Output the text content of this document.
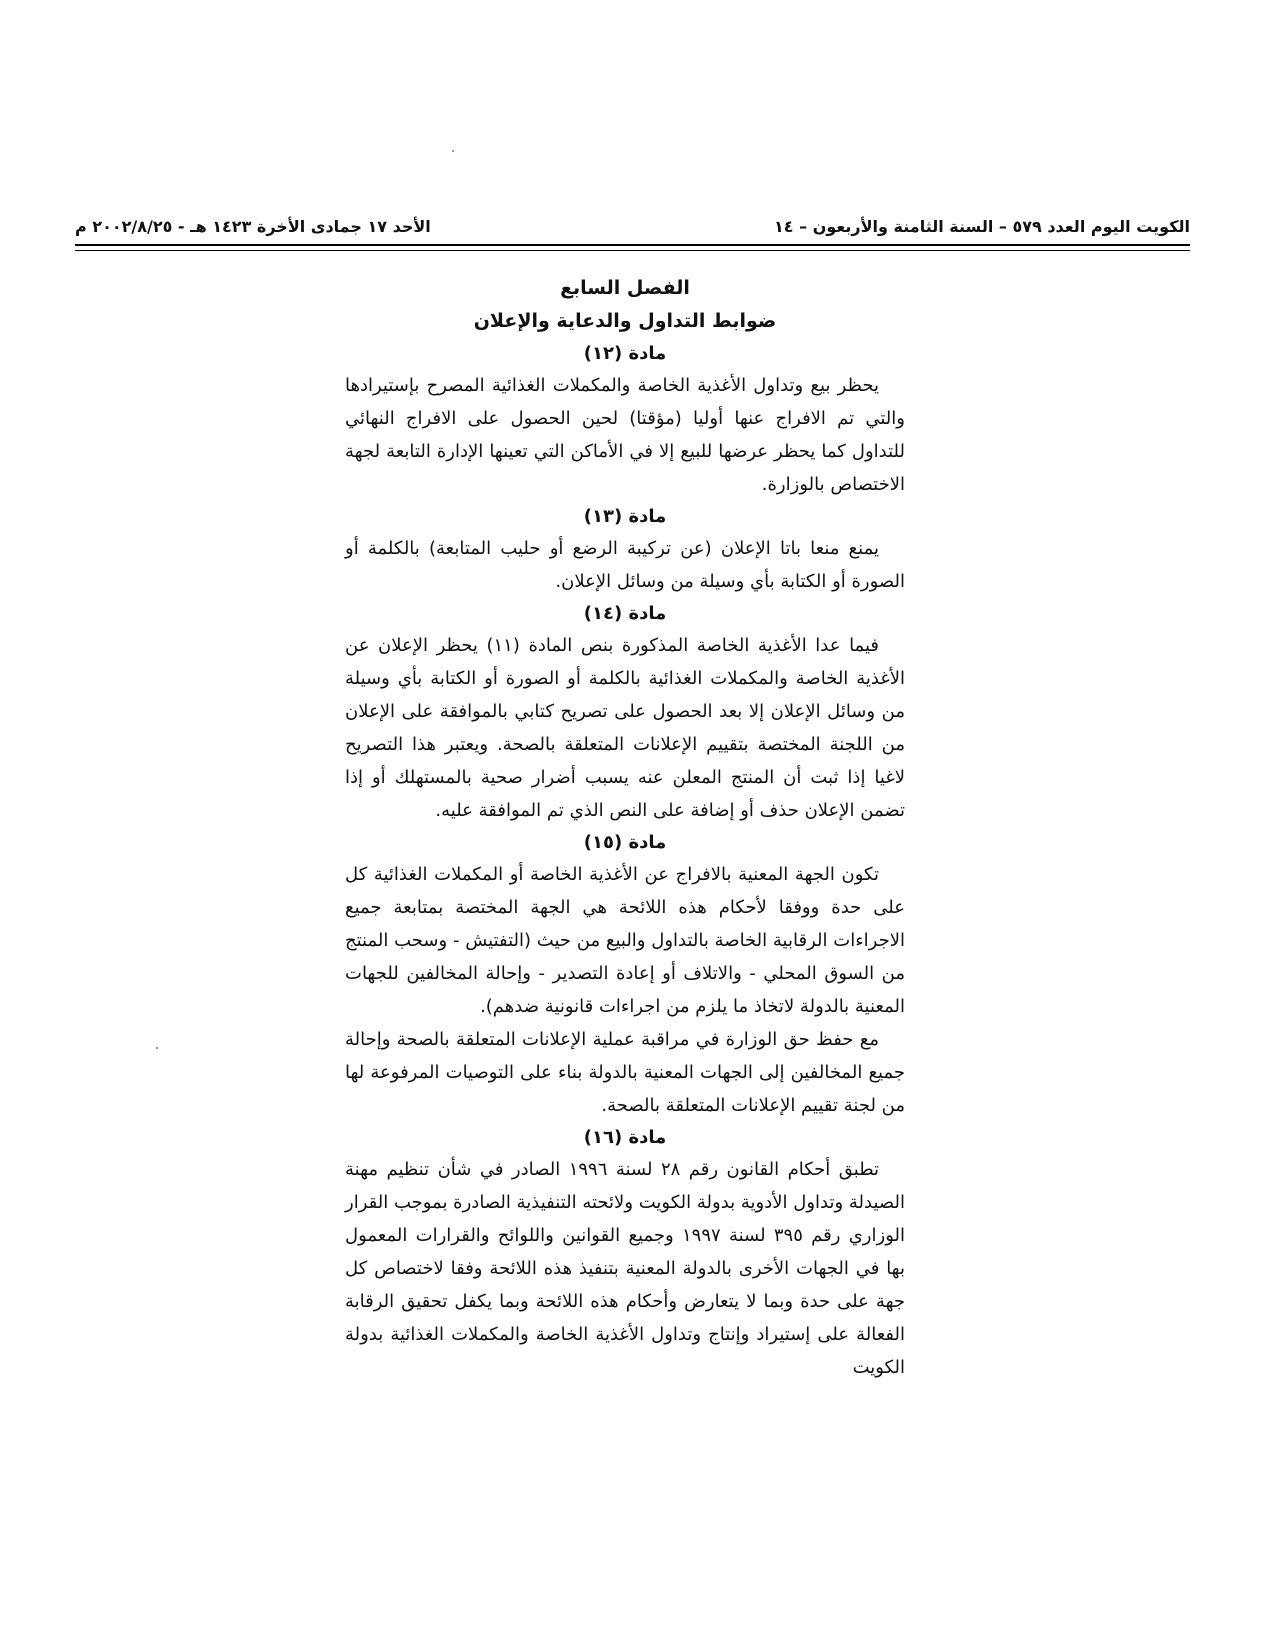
الكويت اليوم العدد ٥٧٩ – السنة الثامنة والأربعون – ١٤
الأحد ١٧ جمادى الأخرة ١٤٢٣ هـ - ٢٠٠٢/٨/٢٥ م
الفصل السابع
ضوابط التداول والدعاية والإعلان
مادة (١٢)

يحظر بيع وتداول الأغذية الخاصة والمكملات الغذائية المصرح بإستيرادها والتي تم الافراج عنها أوليا (مؤقتا) لحين الحصول على الافراج النهائي للتداول كما يحظر عرضها للبيع إلا في الأماكن التي تعينها الإدارة التابعة لجهة الاختصاص بالوزارة.

مادة (١٣)

يمنع منعا باتا الإعلان (عن تركيبة الرضع أو حليب المتابعة) بالكلمة أو الصورة أو الكتابة بأي وسيلة من وسائل الإعلان.

مادة (١٤)

فيما عدا الأغذية الخاصة المذكورة بنص المادة (١١) يحظر الإعلان عن الأغذية الخاصة والمكملات الغذائية بالكلمة أو الصورة أو الكتابة بأي وسيلة من وسائل الإعلان إلا بعد الحصول على تصريح كتابي بالموافقة على الإعلان من اللجنة المختصة بتقييم الإعلانات المتعلقة بالصحة. ويعتبر هذا التصريح لاغيا إذا ثبت أن المنتج المعلن عنه يسبب أضرار صحية بالمستهلك أو إذا تضمن الإعلان حذف أو إضافة على النص الذي تم الموافقة عليه.

مادة (١٥)

تكون الجهة المعنية بالافراج عن الأغذية الخاصة أو المكملات الغذائية كل على حدة ووفقا لأحكام هذه اللائحة هي الجهة المختصة بمتابعة جميع الاجراءات الرقابية الخاصة بالتداول والبيع من حيث (التفتيش - وسحب المنتج من السوق المحلي - والاتلاف أو إعادة التصدير - وإحالة المخالفين للجهات المعنية بالدولة لاتخاذ ما يلزم من اجراءات قانونية ضدهم).

مع حفظ حق الوزارة في مراقبة عملية الإعلانات المتعلقة بالصحة وإحالة جميع المخالفين إلى الجهات المعنية بالدولة بناء على التوصيات المرفوعة لها من لجنة تقييم الإعلانات المتعلقة بالصحة.

مادة (١٦)

تطبق أحكام القانون رقم ٢٨ لسنة ١٩٩٦ الصادر في شأن تنظيم مهنة الصيدلة وتداول الأدوية بدولة الكويت ولائحته التنفيذية الصادرة بموجب القرار الوزاري رقم ٣٩٥ لسنة ١٩٩٧ وجميع القوانين واللوائح والقرارات المعمول بها في الجهات الأخرى بالدولة المعنية بتنفيذ هذه اللائحة وفقا لاختصاص كل جهة على حدة وبما لا يتعارض وأحكام هذه اللائحة وبما يكفل تحقيق الرقابة الفعالة على إستيراد وإنتاج وتداول الأغذية الخاصة والمكملات الغذائية بدولة الكويت
